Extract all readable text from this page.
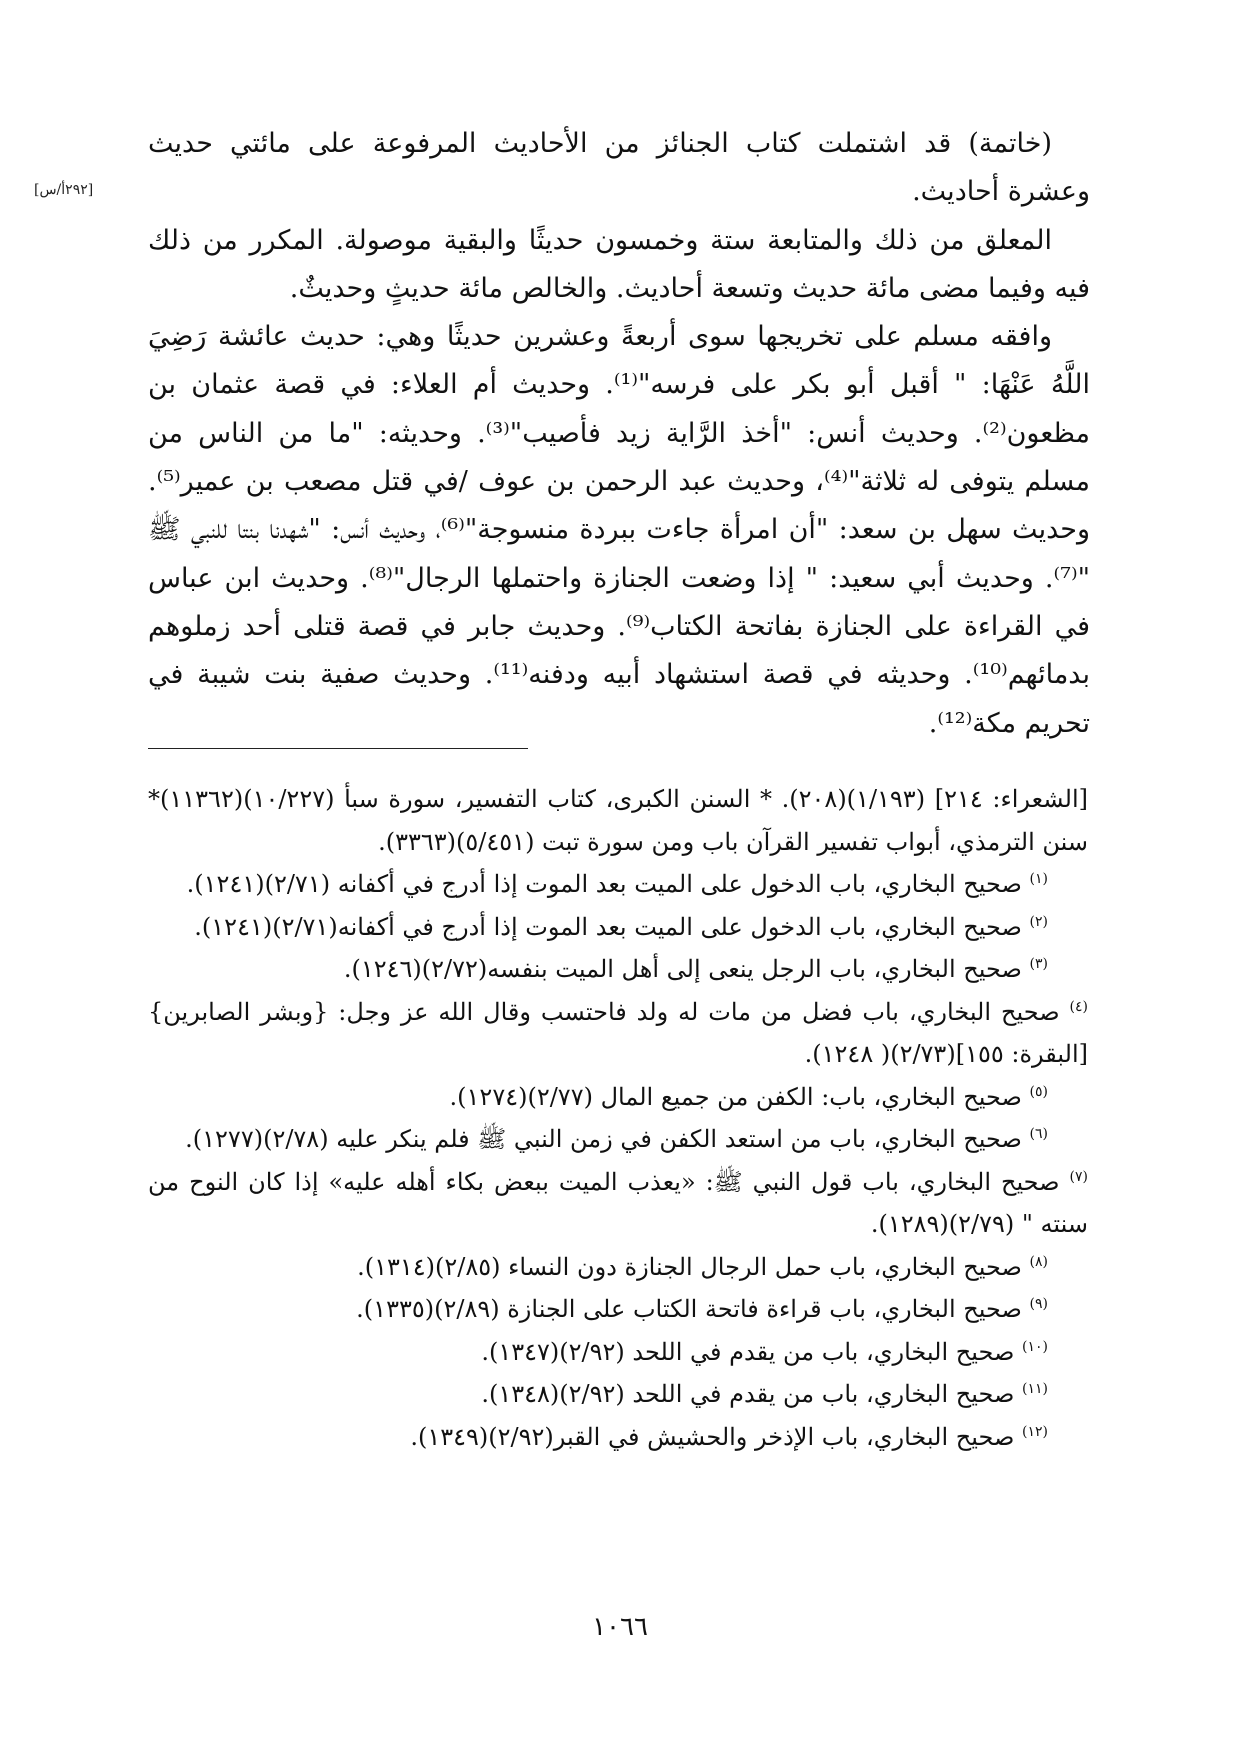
[٢٩٢أ/س]

(خاتمة) قد اشتملت كتاب الجنائز من الأحاديث المرفوعة على مائتي حديث وعشرة أحاديث.

المعلق من ذلك والمتابعة ستة وخمسون حديثًا والبقية موصولة. المكرر من ذلك فيه وفيما مضى مائة حديث وتسعة أحاديث. والخالص مائة حديثٍ وحديثٌ.

وافقه مسلم على تخريجها سوى أربعةً وعشرين حديثًا وهي: حديث عائشة رَضِيَ اللَّهُ عَنْهَا: " أقبل أبو بكر على فرسه"⁽¹⁾. وحديث أم العلاء: في قصة عثمان بن مظعون⁽²⁾. وحديث أنس: "أخذ الرَّاية زيد فأصيب"⁽³⁾. وحديثه: "ما من الناس من مسلم يتوفى له ثلاثة"⁽⁴⁾، وحديث عبد الرحمن بن عوف /في قتل مصعب بن عمير⁽⁵⁾. وحديث سهل بن سعد: "أن امرأة جاءت ببردة منسوجة"⁽⁶⁾، وحديث أنس: "شهدنا بنتا للنبي ﷺ "⁽⁷⁾. وحديث أبي سعيد: " إذا وضعت الجنازة واحتملها الرجال"⁽⁸⁾. وحديث ابن عباس في القراءة على الجنازة بفاتحة الكتاب⁽⁹⁾. وحديث جابر في قصة قتلى أحد زملوهم بدمائهم⁽¹⁰⁾. وحديثه في قصة استشهاد أبيه ودفنه⁽¹¹⁾. وحديث صفية بنت شيبة في تحريم مكة⁽¹²⁾.

[الشعراء: ٢١٤] (١/١٩٣)(٢٠٨). * السنن الكبرى، كتاب التفسير، سورة سبأ (١٠/٢٢٧)(١١٣٦٢)* سنن الترمذي، أبواب تفسير القرآن باب ومن سورة تبت (٥/٤٥١)(٣٣٦٣).

$^{(١)}$ صحيح البخاري، باب الدخول على الميت بعد الموت إذا أدرج في أكفانه (٢/٧١)(١٢٤١).

$^{(٢)}$ صحيح البخاري، باب الدخول على الميت بعد الموت إذا أدرج في أكفانه(٢/٧١)(١٢٤١).

$^{(٣)}$ صحيح البخاري، باب الرجل ينعى إلى أهل الميت بنفسه(٢/٧٢)(١٢٤٦).

$^{(٤)}$ صحيح البخاري، باب فضل من مات له ولد فاحتسب وقال الله عز وجل: {وبشر الصابرين} [البقرة: ١٥٥](٢/٧٣)( ١٢٤٨).

$^{(٥)}$ صحيح البخاري، باب: الكفن من جميع المال (٢/٧٧)(١٢٧٤).

$^{(٦)}$ صحيح البخاري، باب من استعد الكفن في زمن النبي ﷺ فلم ينكر عليه (٢/٧٨)(١٢٧٧).

$^{(٧)}$ صحيح البخاري، باب قول النبي ﷺ: «يعذب الميت ببعض بكاء أهله عليه» إذا كان النوح من سنته " (٢/٧٩)(١٢٨٩).

$^{(٨)}$ صحيح البخاري، باب حمل الرجال الجنازة دون النساء (٢/٨٥)(١٣١٤).

$^{(٩)}$ صحيح البخاري، باب قراءة فاتحة الكتاب على الجنازة (٢/٨٩)(١٣٣٥).

$^{(١٠)}$ صحيح البخاري، باب من يقدم في اللحد (٢/٩٢)(١٣٤٧).

$^{(١١)}$ صحيح البخاري، باب من يقدم في اللحد (٢/٩٢)(١٣٤٨).

$^{(١٢)}$ صحيح البخاري، باب الإذخر والحشيش في القبر(٢/٩٢)(١٣٤٩).

١٠٦٦
